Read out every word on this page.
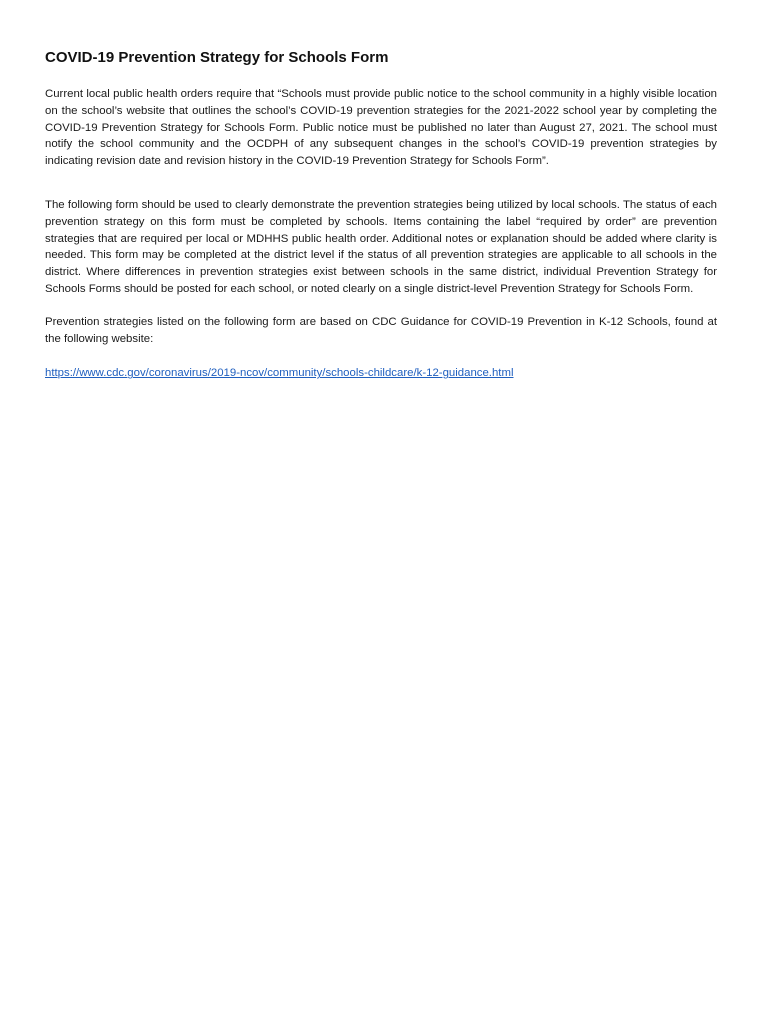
COVID-19 Prevention Strategy for Schools Form

Current local public health orders require that “Schools must provide public notice to the school community in a highly visible location on the school’s website that outlines the school’s COVID-19 prevention strategies for the 2021-2022 school year by completing the COVID-19 Prevention Strategy for Schools Form. Public notice must be published no later than August 27, 2021. The school must notify the school community and the OCDPH of any subsequent changes in the school’s COVID-19 prevention strategies by indicating revision date and revision history in the COVID-19 Prevention Strategy for Schools Form”.

The following form should be used to clearly demonstrate the prevention strategies being utilized by local schools. The status of each prevention strategy on this form must be completed by schools. Items containing the label “required by order” are prevention strategies that are required per local or MDHHS public health order. Additional notes or explanation should be added where clarity is needed. This form may be completed at the district level if the status of all prevention strategies are applicable to all schools in the district. Where differences in prevention strategies exist between schools in the same district, individual Prevention Strategy for Schools Forms should be posted for each school, or noted clearly on a single district-level Prevention Strategy for Schools Form.

Prevention strategies listed on the following form are based on CDC Guidance for COVID-19 Prevention in K-12 Schools, found at the following website:

https://www.cdc.gov/coronavirus/2019-ncov/community/schools-childcare/k-12-guidance.html
